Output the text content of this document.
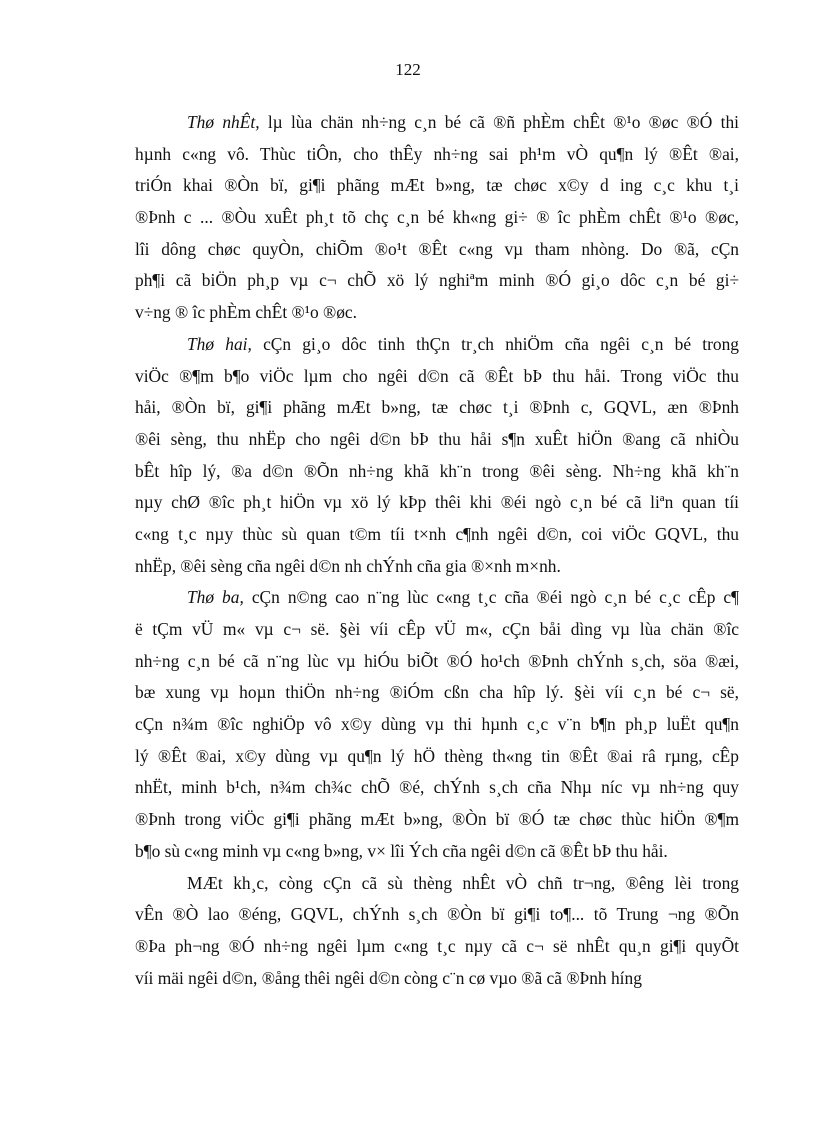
122
Thø nhÊt, lµ lùa chän nh÷ng c¸n bé cã ®ñ phÈm chÊt ®¹o ®øc ®Ó thi
hµnh c«ng vô. Thùc tiÔn, cho thÊy nh÷ng sai ph¹m vÒ qu¶n lý ®Êt ®ai,
triÓn khai ®Òn bï, gi¶i phãng mÆt b»ng, tæ chøc x©y d ing c¸c khu t¸i
®Þnh c ... ®Òu xuÊt ph¸t tõ chç c¸n bé kh«ng gi÷ ® îc phÈm chÊt ®¹o ®øc,
lîi dông chøc quyÒn, chiÕm ®o¹t ®Êt c«ng vµ tham nhòng. Do ®ã, cÇn
ph¶i cã biÖn ph¸p vµ c¬ chÕ xö lý nghiªm minh ®Ó gi¸o dôc c¸n bé gi÷
v÷ng ® îc phÈm chÊt ®¹o ®øc.
Thø hai, cÇn gi¸o dôc tinh thÇn tr¸ch nhiÖm cña ngêi c¸n bé trong
viÖc ®¶m b¶o viÖc lµm cho ngêi d©n cã ®Êt bÞ thu håi. Trong viÖc thu
håi, ®Òn bï, gi¶i phãng mÆt b»ng, tæ chøc t¸i ®Þnh c, GQVL, æn ®Þnh
®êi sèng, thu nhËp cho ngêi d©n bÞ thu håi s¶n xuÊt hiÖn ®ang cã nhiÒu
bÊt hîp lý, ®a d©n ®Õn nh÷ng khã kh¨n trong ®êi sèng. Nh÷ng khã kh¨n
nµy chØ ®îc ph¸t hiÖn vµ xö lý kÞp thêi khi ®éi ngò c¸n bé cã liªn quan tíi
c«ng t¸c nµy thùc sù quan t©m tíi t×nh c¶nh ngêi d©n, coi viÖc GQVL, thu
nhËp, ®êi sèng cña ngêi d©n nh chÝnh cña gia ®×nh m×nh.
Thø ba, cÇn n©ng cao n¨ng lùc c«ng t¸c cña ®éi ngò c¸n bé c¸c cÊp c¶
ë tÇm vÜ m« vµ c¬ së. §èi víi cÊp vÜ m«, cÇn båi dìng vµ lùa chän ®îc
nh÷ng c¸n bé cã n¨ng lùc vµ hiÓu biÕt ®Ó ho¹ch ®Þnh chÝnh s¸ch, söa ®æi,
bæ xung vµ hoµn thiÖn nh÷ng ®iÓm cßn cha hîp lý. §èi víi c¸n bé c¬ së,
cÇn n¾m ®îc nghiÖp vô x©y dùng vµ thi hµnh c¸c v¨n b¶n ph¸p luËt qu¶n
lý ®Êt ®ai, x©y dùng vµ qu¶n lý hÖ thèng th«ng tin ®Êt ®ai râ rµng, cÊp
nhËt, minh b¹ch, n¾m ch¾c chÕ ®é, chÝnh s¸ch cña Nhµ níc vµ nh÷ng quy
®Þnh trong viÖc gi¶i phãng mÆt b»ng, ®Òn bï ®Ó tæ chøc thùc hiÖn ®¶m
b¶o sù c«ng minh vµ c«ng b»ng, v× lîi Ých cña ngêi d©n cã ®Êt bÞ thu håi.
MÆt kh¸c, còng cÇn cã sù thèng nhÊt vÒ chñ tr¬ng, ®êng lèi trong
vÊn ®Ò lao ®éng, GQVL, chÝnh s¸ch ®Òn bï gi¶i to¶... tõ Trung ¬ng ®Õn
®Þa ph¬ng ®Ó nh÷ng ngêi lµm c«ng t¸c nµy cã c¬ së nhÊt qu¸n gi¶i quyÕt
víi mäi ngêi d©n, ®ång thêi ngêi d©n còng c¨n cø vµo ®ã cã ®Þnh híng
